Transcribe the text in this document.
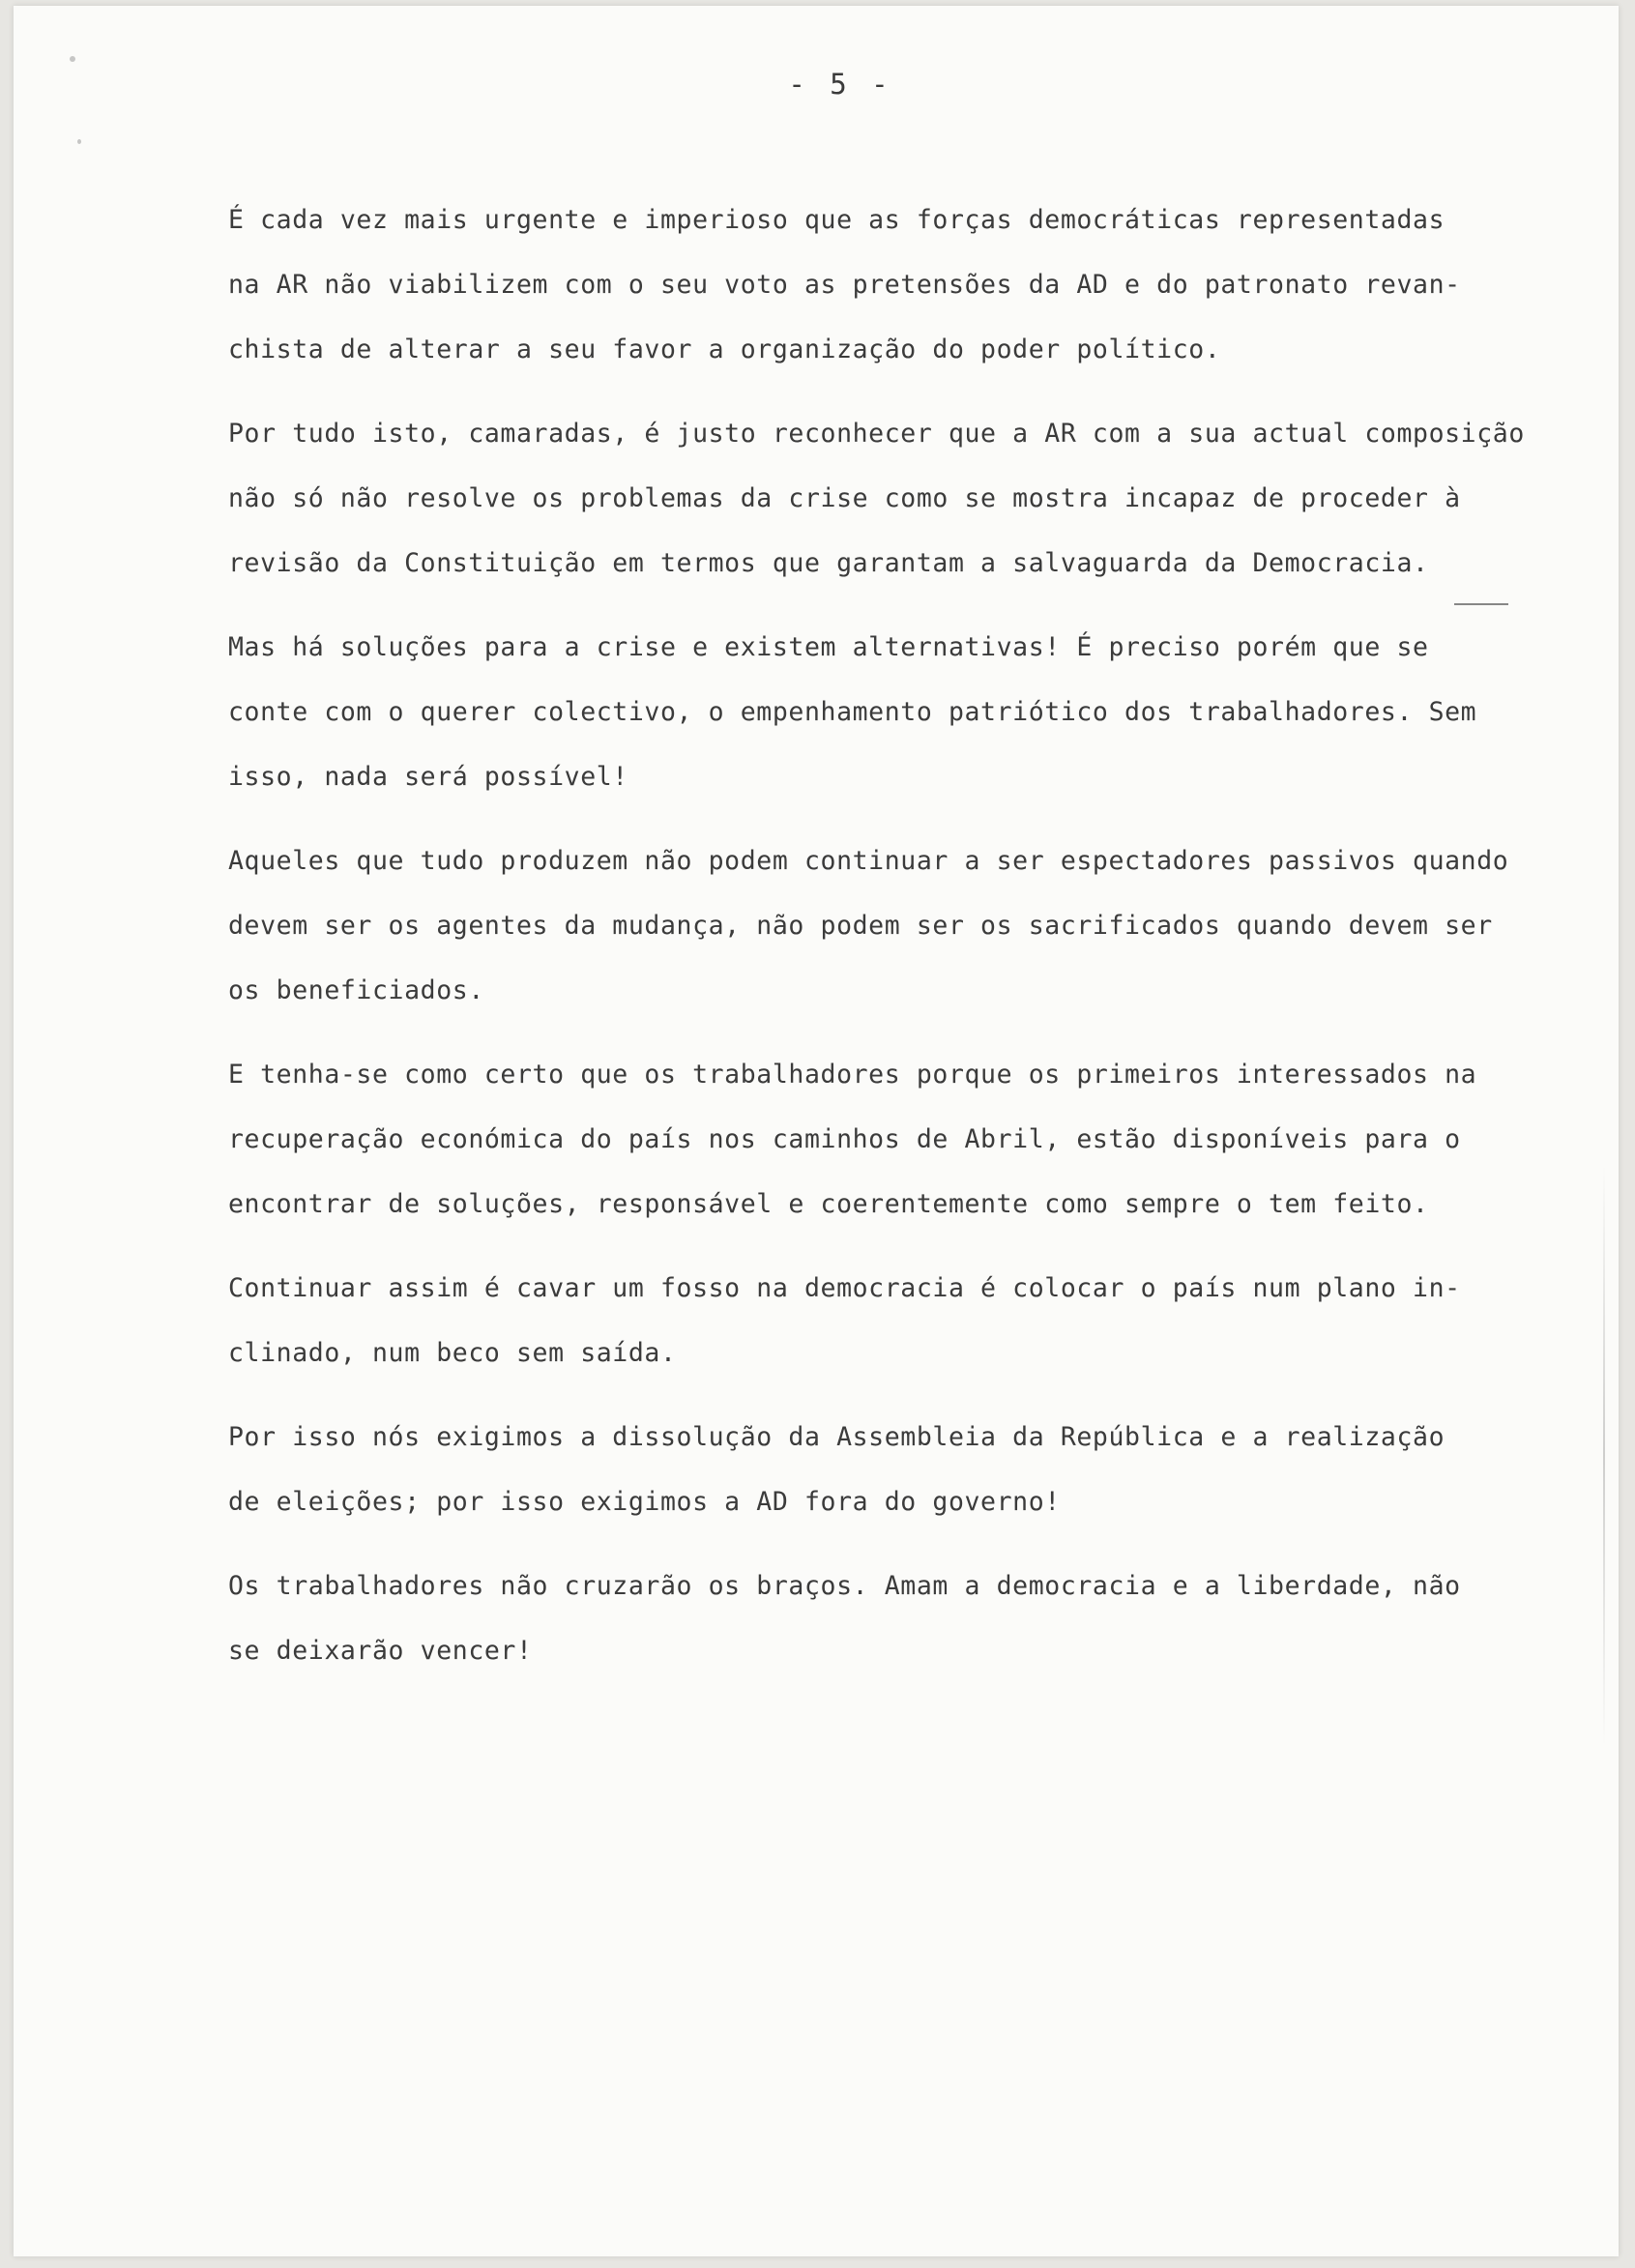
- 5 -
É cada vez mais urgente e imperioso que as forças democráticas representadas
na AR não viabilizem com o seu voto as pretensões da AD e do patronato revan-
chista de alterar a seu favor a organização do poder político.
Por tudo isto, camaradas, é justo reconhecer que a AR com a sua actual composição
não só não resolve os problemas da crise como se mostra incapaz de proceder à
revisão da Constituição em termos que garantam a salvaguarda da Democracia.
Mas há soluções para a crise e existem alternativas! É preciso porém que se
conte com o querer colectivo, o empenhamento patriótico dos trabalhadores. Sem
isso, nada será possível!
Aqueles que tudo produzem não podem continuar a ser espectadores passivos quando
devem ser os agentes da mudança, não podem ser os sacrificados quando devem ser
os beneficiados.
E tenha-se como certo que os trabalhadores porque os primeiros interessados na
recuperação económica do país nos caminhos de Abril, estão disponíveis para o
encontrar de soluções, responsável e coerentemente como sempre o tem feito.
Continuar assim é cavar um fosso na democracia é colocar o país num plano in-
clinado, num beco sem saída.
Por isso nós exigimos a dissolução da Assembleia da República e a realização
de eleições; por isso exigimos a AD fora do governo!
Os trabalhadores não cruzarão os braços. Amam a democracia e a liberdade, não
se deixarão vencer!
